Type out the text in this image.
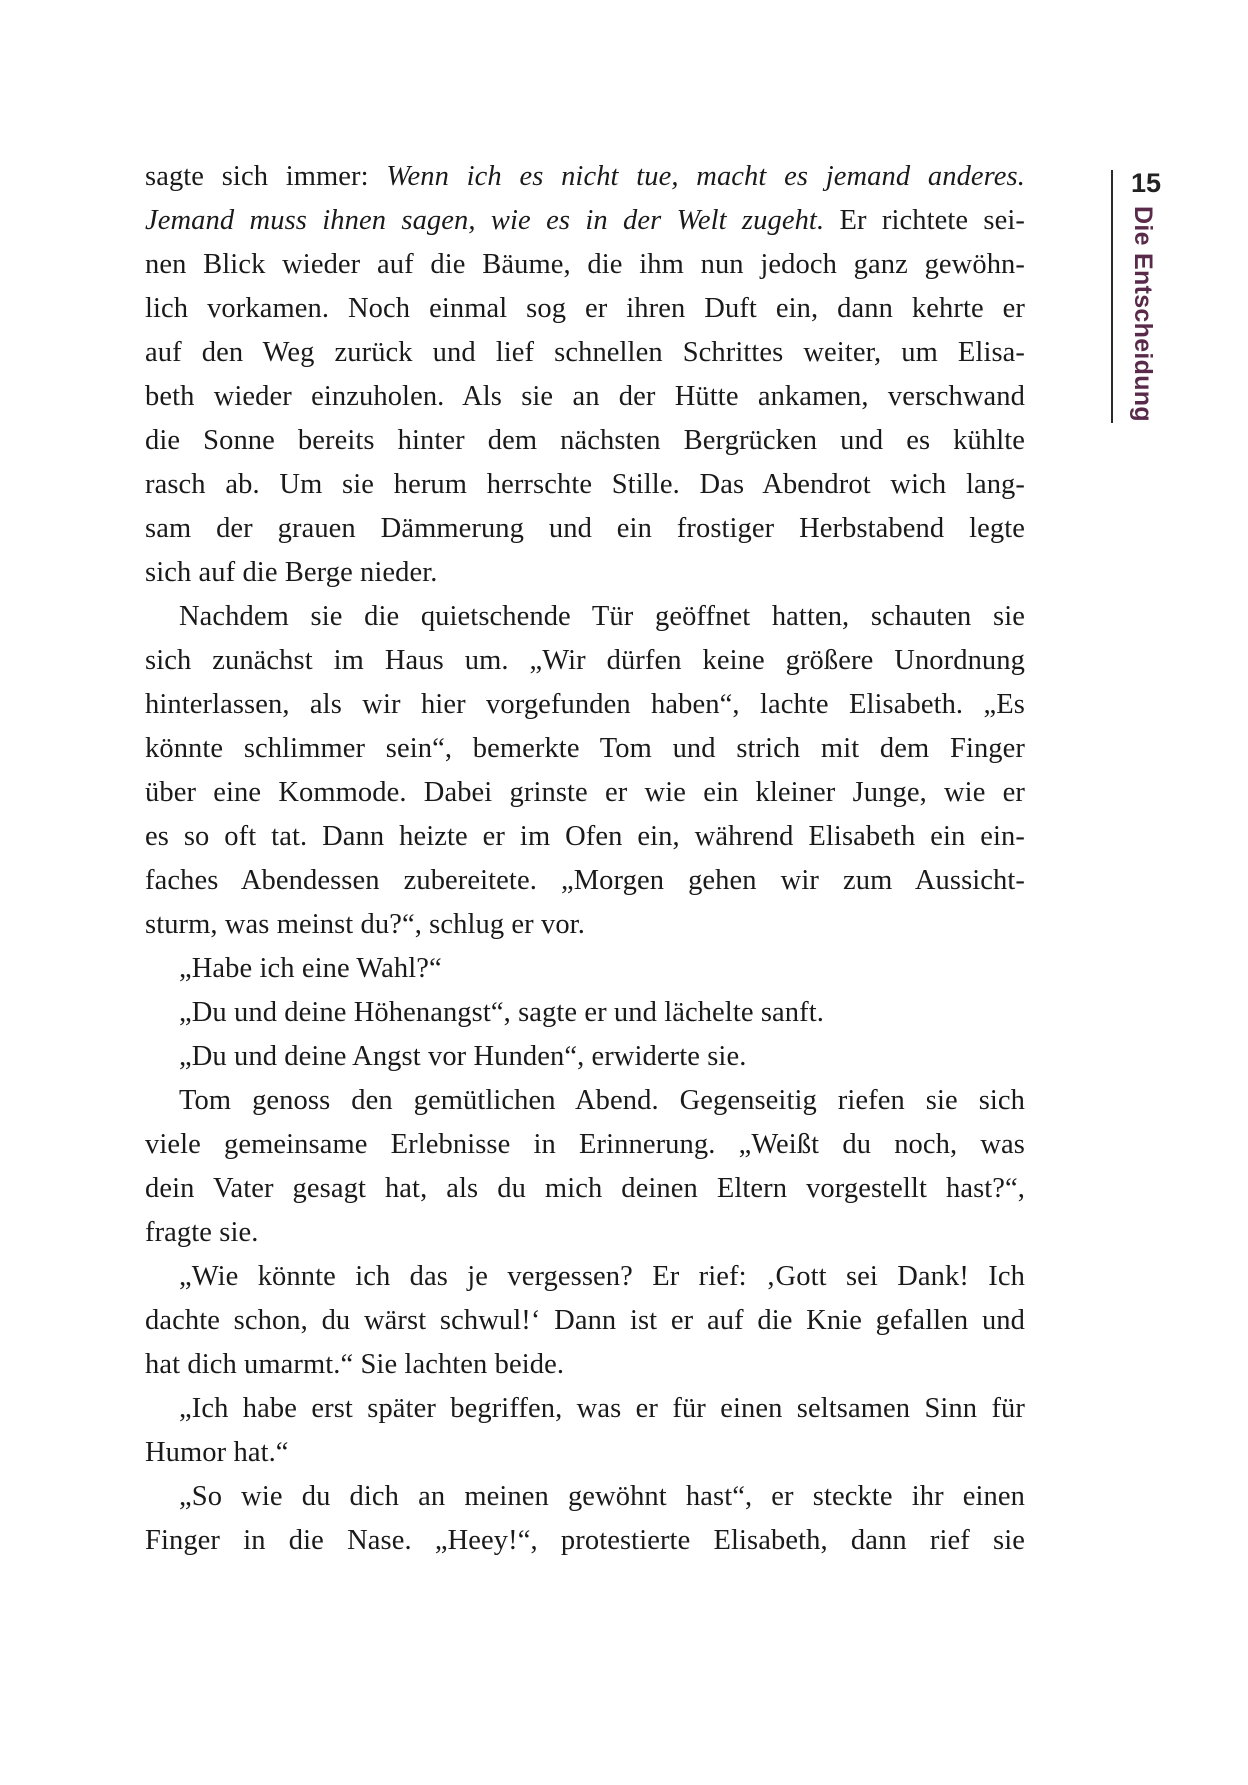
15
Die Entscheidung
sagte sich immer: Wenn ich es nicht tue, macht es jemand anderes.
Jemand muss ihnen sagen, wie es in der Welt zugeht. Er richtete sei-
nen Blick wieder auf die Bäume, die ihm nun jedoch ganz gewöhn-
lich vorkamen. Noch einmal sog er ihren Duft ein, dann kehrte er
auf den Weg zurück und lief schnellen Schrittes weiter, um Elisa-
beth wieder einzuholen. Als sie an der Hütte ankamen, verschwand
die Sonne bereits hinter dem nächsten Bergrücken und es kühlte
rasch ab. Um sie herum herrschte Stille. Das Abendrot wich lang-
sam der grauen Dämmerung und ein frostiger Herbstabend legte
sich auf die Berge nieder.
Nachdem sie die quietschende Tür geöffnet hatten, schauten sie
sich zunächst im Haus um. „Wir dürfen keine größere Unordnung
hinterlassen, als wir hier vorgefunden haben“, lachte Elisabeth. „Es
könnte schlimmer sein“, bemerkte Tom und strich mit dem Finger
über eine Kommode. Dabei grinste er wie ein kleiner Junge, wie er
es so oft tat. Dann heizte er im Ofen ein, während Elisabeth ein ein-
faches Abendessen zubereitete. „Morgen gehen wir zum Aussicht-
sturm, was meinst du?“, schlug er vor.
„Habe ich eine Wahl?“
„Du und deine Höhenangst“, sagte er und lächelte sanft.
„Du und deine Angst vor Hunden“, erwiderte sie.
Tom genoss den gemütlichen Abend. Gegenseitig riefen sie sich
viele gemeinsame Erlebnisse in Erinnerung. „Weißt du noch, was
dein Vater gesagt hat, als du mich deinen Eltern vorgestellt hast?“,
fragte sie.
„Wie könnte ich das je vergessen? Er rief: ‚Gott sei Dank! Ich
dachte schon, du wärst schwul!‘ Dann ist er auf die Knie gefallen und
hat dich umarmt.“ Sie lachten beide.
„Ich habe erst später begriffen, was er für einen seltsamen Sinn für
Humor hat.“
„So wie du dich an meinen gewöhnt hast“, er steckte ihr einen
Finger in die Nase. „Heey!“, protestierte Elisabeth, dann rief sie
